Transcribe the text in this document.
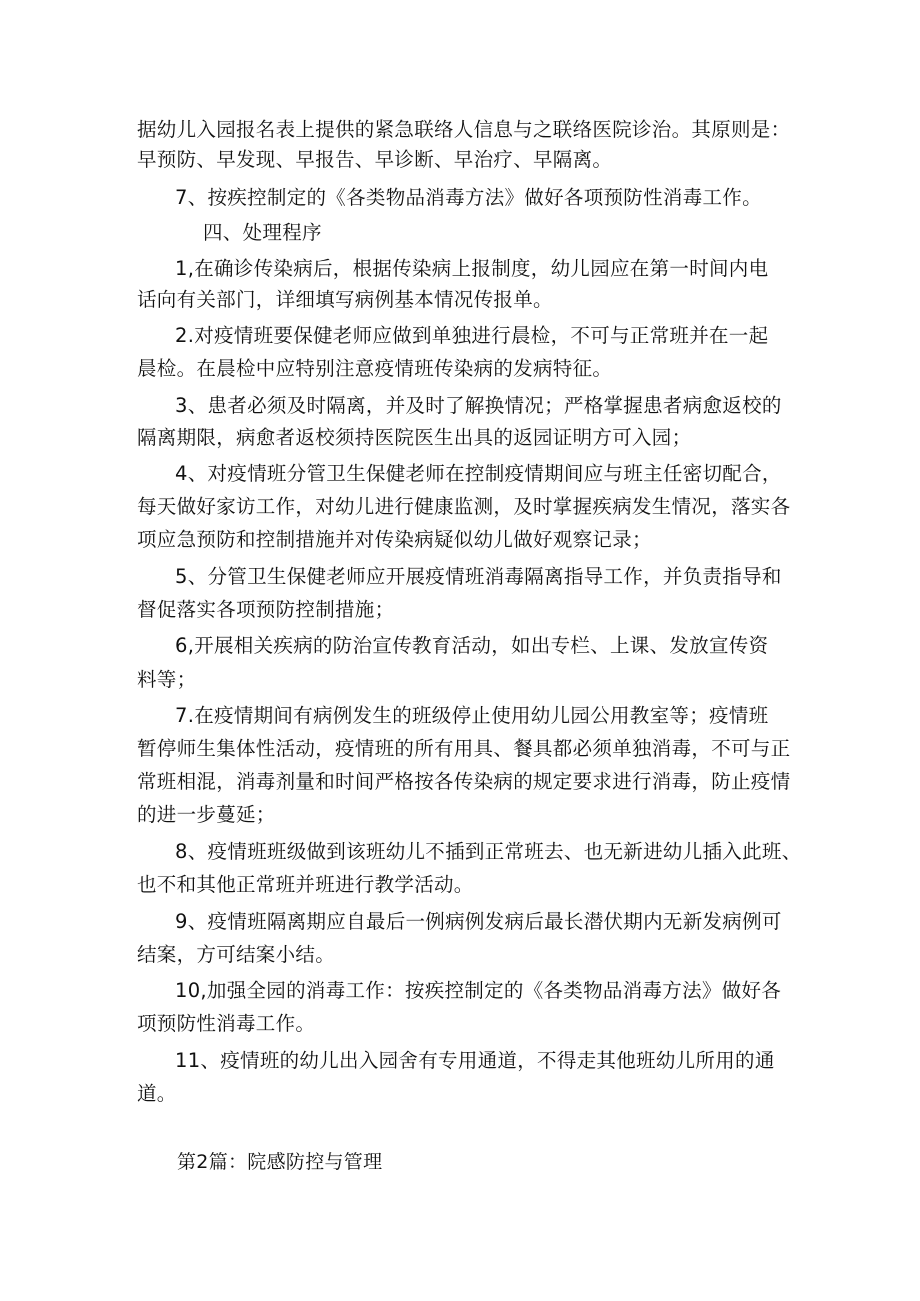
据幼儿入园报名表上提供的紧急联络人信息与之联络医院诊治。其原则是：
早预防、早发现、早报告、早诊断、早治疗、早隔离。
7、按疾控制定的《各类物品消毒方法》做好各项预防性消毒工作。
四、处理程序
1,在确诊传染病后，根据传染病上报制度，幼儿园应在第一时间内电
话向有关部门，详细填写病例基本情况传报单。
2.对疫情班要保健老师应做到单独进行晨检，不可与正常班并在一起
晨检。在晨检中应特别注意疫情班传染病的发病特征。
3、患者必须及时隔离，并及时了解换情况；严格掌握患者病愈返校的
隔离期限，病愈者返校须持医院医生出具的返园证明方可入园；
4、对疫情班分管卫生保健老师在控制疫情期间应与班主任密切配合，
每天做好家访工作，对幼儿进行健康监测，及时掌握疾病发生情况，落实各
项应急预防和控制措施并对传染病疑似幼儿做好观察记录；
5、分管卫生保健老师应开展疫情班消毒隔离指导工作，并负责指导和
督促落实各项预防控制措施；
6,开展相关疾病的防治宣传教育活动，如出专栏、上课、发放宣传资
料等；
7.在疫情期间有病例发生的班级停止使用幼儿园公用教室等；疫情班
暂停师生集体性活动，疫情班的所有用具、餐具都必须单独消毒，不可与正
常班相混，消毒剂量和时间严格按各传染病的规定要求进行消毒，防止疫情
的进一步蔓延；
8、疫情班班级做到该班幼儿不插到正常班去、也无新进幼儿插入此班、
也不和其他正常班并班进行教学活动。
9、疫情班隔离期应自最后一例病例发病后最长潜伏期内无新发病例可
结案，方可结案小结。
10,加强全园的消毒工作：按疾控制定的《各类物品消毒方法》做好各
项预防性消毒工作。
11、疫情班的幼儿出入园舍有专用通道，不得走其他班幼儿所用的通
道。
第2篇：院感防控与管理
